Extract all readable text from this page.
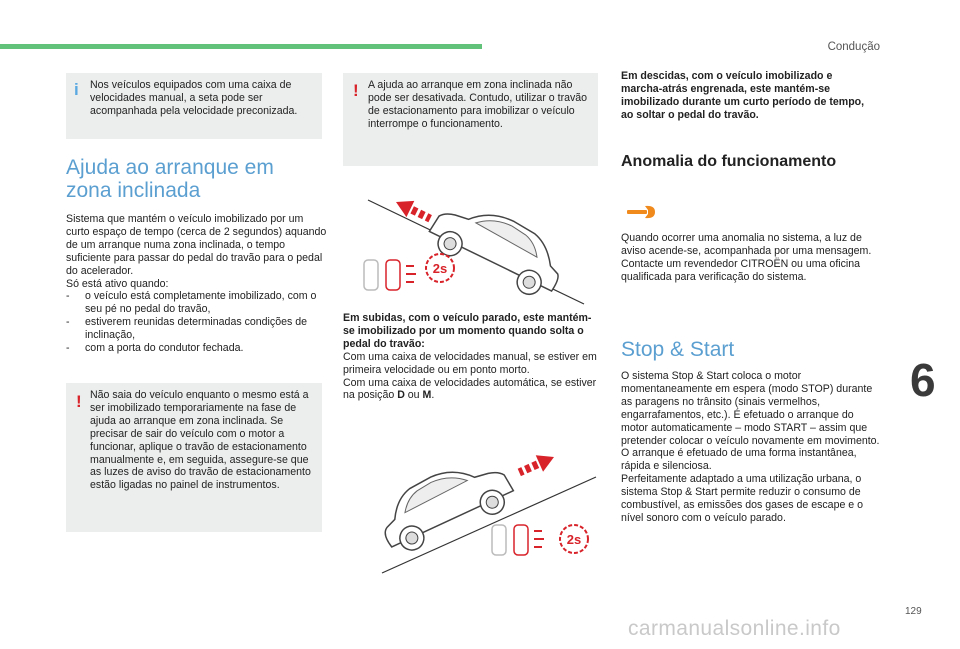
Condução
i Nos veículos equipados com uma caixa de velocidades manual, a seta pode ser acompanhada pela velocidade preconizada.

Ajuda ao arranque em zona inclinada

Sistema que mantém o veículo imobilizado por um curto espaço de tempo (cerca de 2 segundos) aquando de um arranque numa zona inclinada, o tempo suficiente para passar do pedal do travão para o pedal do acelerador.

Só está ativo quando:

- o veículo está completamente imobilizado, com o seu pé no pedal do travão,
- estiverem reunidas determinadas condições de inclinação,
- com a porta do condutor fechada.
! Não saia do veículo enquanto o mesmo está a ser imobilizado temporariamente na fase de ajuda ao arranque em zona inclinada. Se precisar de sair do veículo com o motor a funcionar, aplique o travão de estacionamento manualmente e, em seguida, assegure-se que as luzes de aviso do travão de estacionamento estão ligadas no painel de instrumentos.

! A ajuda ao arranque em zona inclinada não pode ser desativada. Contudo, utilizar o travão de estacionamento para imobilizar o veículo interrompe o funcionamento.

2s

Em subidas, com o veículo parado, este mantém-se imobilizado por um momento quando solta o pedal do travão:

Com uma caixa de velocidades manual, se estiver em primeira velocidade ou em ponto morto.

Com uma caixa de velocidades automática, se estiver na posição D ou M.

2s

Em descidas, com o veículo imobilizado e marcha-atrás engrenada, este mantém-se imobilizado durante um curto período de tempo, ao soltar o pedal do travão.

Anomalia do funcionamento

Quando ocorrer uma anomalia no sistema, a luz de aviso acende-se, acompanhada por uma mensagem. Contacte um revendedor CITROËN ou uma oficina qualificada para verificação do sistema.

Stop & Start

O sistema Stop & Start coloca o motor momentaneamente em espera (modo STOP) durante as paragens no trânsito (sinais vermelhos, engarrafamentos, etc.). É efetuado o arranque do motor automaticamente – modo START – assim que pretender colocar o veículo novamente em movimento.

O arranque é efetuado de uma forma instantânea, rápida e silenciosa.

Perfeitamente adaptado a uma utilização urbana, o sistema Stop & Start permite reduzir o consumo de combustível, as emissões dos gases de escape e o nível sonoro com o veículo parado.

6
129
carmanualsonline.info
